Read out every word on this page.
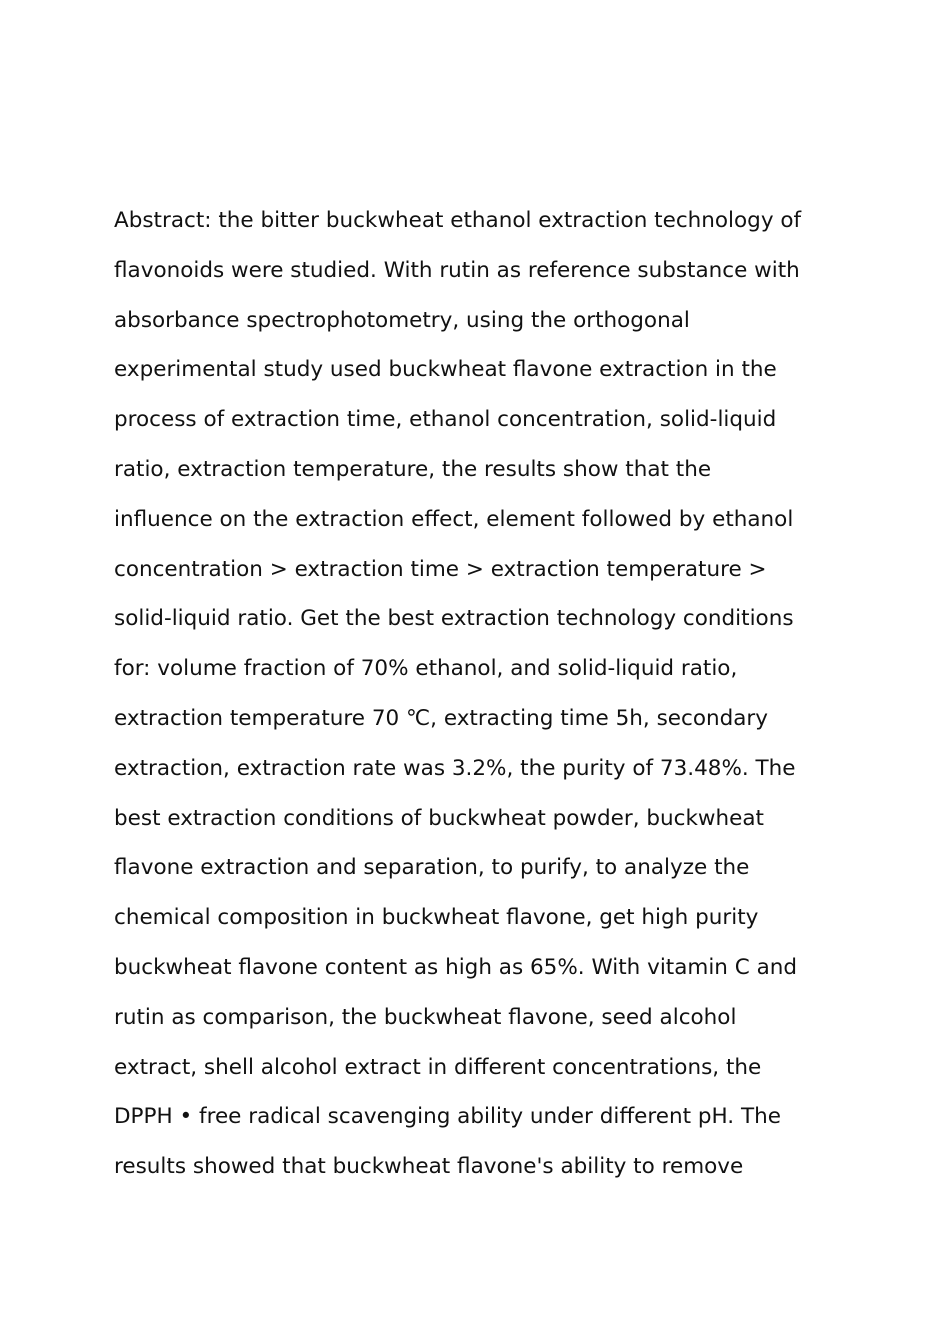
Abstract: the bitter buckwheat ethanol extraction technology of
flavonoids were studied. With rutin as reference substance with
absorbance spectrophotometry, using the orthogonal
experimental study used buckwheat flavone extraction in the
process of extraction time, ethanol concentration, solid-liquid
ratio, extraction temperature, the results show that the
influence on the extraction effect, element followed by ethanol
concentration > extraction time > extraction temperature >
solid-liquid ratio. Get the best extraction technology conditions
for: volume fraction of 70% ethanol, and solid-liquid ratio,
extraction temperature 70 ℃, extracting time 5h, secondary
extraction, extraction rate was 3.2%, the purity of 73.48%. The
best extraction conditions of buckwheat powder, buckwheat
flavone extraction and separation, to purify, to analyze the
chemical composition in buckwheat flavone, get high purity
buckwheat flavone content as high as 65%. With vitamin C and
rutin as comparison, the buckwheat flavone, seed alcohol
extract, shell alcohol extract in different concentrations, the
DPPH • free radical scavenging ability under different pH. The
results showed that buckwheat flavone's ability to remove
